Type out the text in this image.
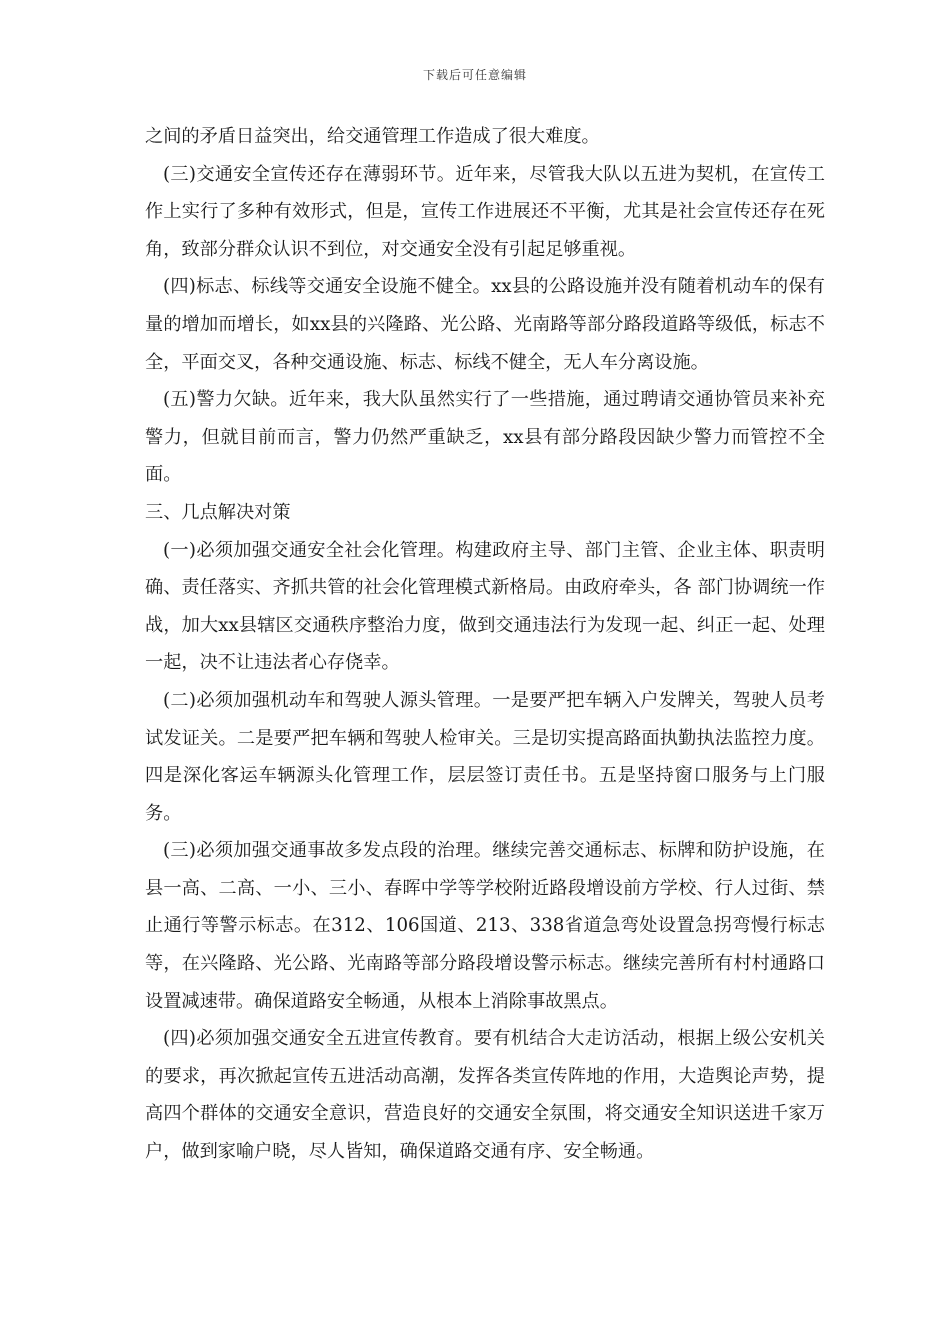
下载后可任意编辑

之间的矛盾日益突出，给交通管理工作造成了很大难度。

(三)交通安全宣传还存在薄弱环节。近年来，尽管我大队以五进为契机，在宣传工作上实行了多种有效形式，但是，宣传工作进展还不平衡，尤其是社会宣传还存在死角，致部分群众认识不到位，对交通安全没有引起足够重视。

(四)标志、标线等交通安全设施不健全。xx县的公路设施并没有随着机动车的保有量的增加而增长，如xx县的兴隆路、光公路、光南路等部分路段道路等级低，标志不全，平面交叉，各种交通设施、标志、标线不健全，无人车分离设施。

(五)警力欠缺。近年来，我大队虽然实行了一些措施，通过聘请交通协管员来补充警力，但就目前而言，警力仍然严重缺乏，xx县有部分路段因缺少警力而管控不全面。

三、几点解决对策

(一)必须加强交通安全社会化管理。构建政府主导、部门主管、企业主体、职责明确、责任落实、齐抓共管的社会化管理模式新格局。由政府牵头，各 部门协调统一作战，加大xx县辖区交通秩序整治力度，做到交通违法行为发现一起、纠正一起、处理一起，决不让违法者心存侥幸。

(二)必须加强机动车和驾驶人源头管理。一是要严把车辆入户发牌关，驾驶人员考试发证关。二是要严把车辆和驾驶人检审关。三是切实提高路面执勤执法监控力度。四是深化客运车辆源头化管理工作，层层签订责任书。五是坚持窗口服务与上门服务。

(三)必须加强交通事故多发点段的治理。继续完善交通标志、标牌和防护设施，在县一高、二高、一小、三小、春晖中学等学校附近路段增设前方学校、行人过街、禁止通行等警示标志。在312、106国道、213、338省道急弯处设置急拐弯慢行标志等，在兴隆路、光公路、光南路等部分路段增设警示标志。继续完善所有村村通路口设置减速带。确保道路安全畅通，从根本上消除事故黑点。

(四)必须加强交通安全五进宣传教育。要有机结合大走访活动，根据上级公安机关的要求，再次掀起宣传五进活动高潮，发挥各类宣传阵地的作用，大造舆论声势，提高四个群体的交通安全意识，营造良好的交通安全氛围，将交通安全知识送进千家万户，做到家喻户晓，尽人皆知，确保道路交通有序、安全畅通。
